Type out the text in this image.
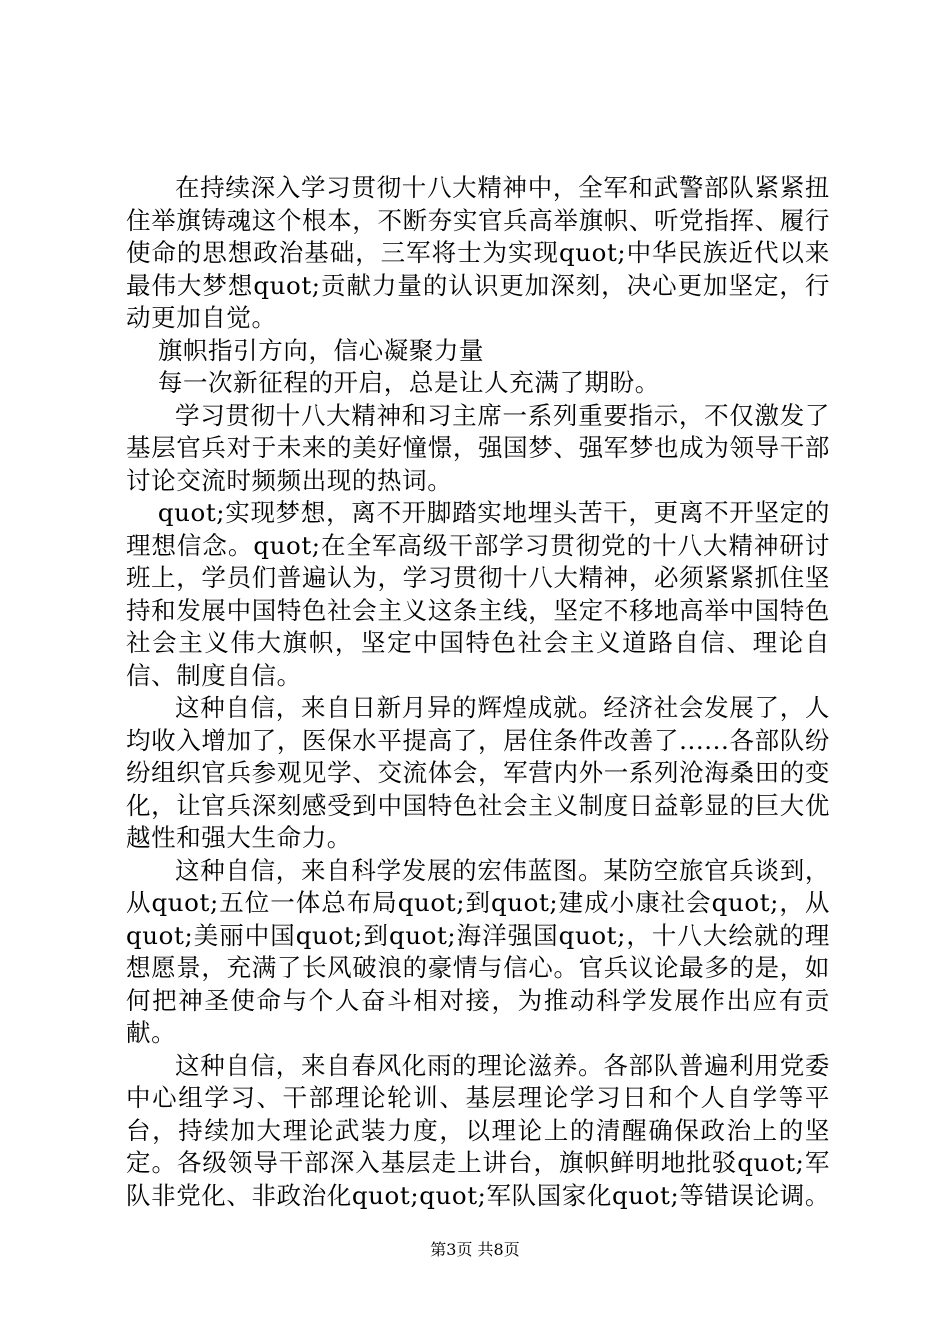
在持续深入学习贯彻十八大精神中，全军和武警部队紧紧扭住举旗铸魂这个根本，不断夯实官兵高举旗帜、听党指挥、履行使命的思想政治基础，三军将士为实现quot;中华民族近代以来最伟大梦想quot;贡献力量的认识更加深刻，决心更加坚定，行动更加自觉。

旗帜指引方向，信心凝聚力量

每一次新征程的开启，总是让人充满了期盼。

学习贯彻十八大精神和习主席一系列重要指示，不仅激发了基层官兵对于未来的美好憧憬，强国梦、强军梦也成为领导干部讨论交流时频频出现的热词。

quot;实现梦想，离不开脚踏实地埋头苦干，更离不开坚定的理想信念。quot;在全军高级干部学习贯彻党的十八大精神研讨班上，学员们普遍认为，学习贯彻十八大精神，必须紧紧抓住坚持和发展中国特色社会主义这条主线，坚定不移地高举中国特色社会主义伟大旗帜，坚定中国特色社会主义道路自信、理论自信、制度自信。

这种自信，来自日新月异的辉煌成就。经济社会发展了，人均收入增加了，医保水平提高了，居住条件改善了......各部队纷纷组织官兵参观见学、交流体会，军营内外一系列沧海桑田的变化，让官兵深刻感受到中国特色社会主义制度日益彰显的巨大优越性和强大生命力。

这种自信，来自科学发展的宏伟蓝图。某防空旅官兵谈到，从quot;五位一体总布局quot;到quot;建成小康社会quot;，从quot;美丽中国quot;到quot;海洋强国quot;，十八大绘就的理想愿景，充满了长风破浪的豪情与信心。官兵议论最多的是，如何把神圣使命与个人奋斗相对接，为推动科学发展作出应有贡献。

这种自信，来自春风化雨的理论滋养。各部队普遍利用党委中心组学习、干部理论轮训、基层理论学习日和个人自学等平台，持续加大理论武装力度，以理论上的清醒确保政治上的坚定。各级领导干部深入基层走上讲台，旗帜鲜明地批驳quot;军队非党化、非政治化quot;quot;军队国家化quot;等错误论调。

第3页 共8页
